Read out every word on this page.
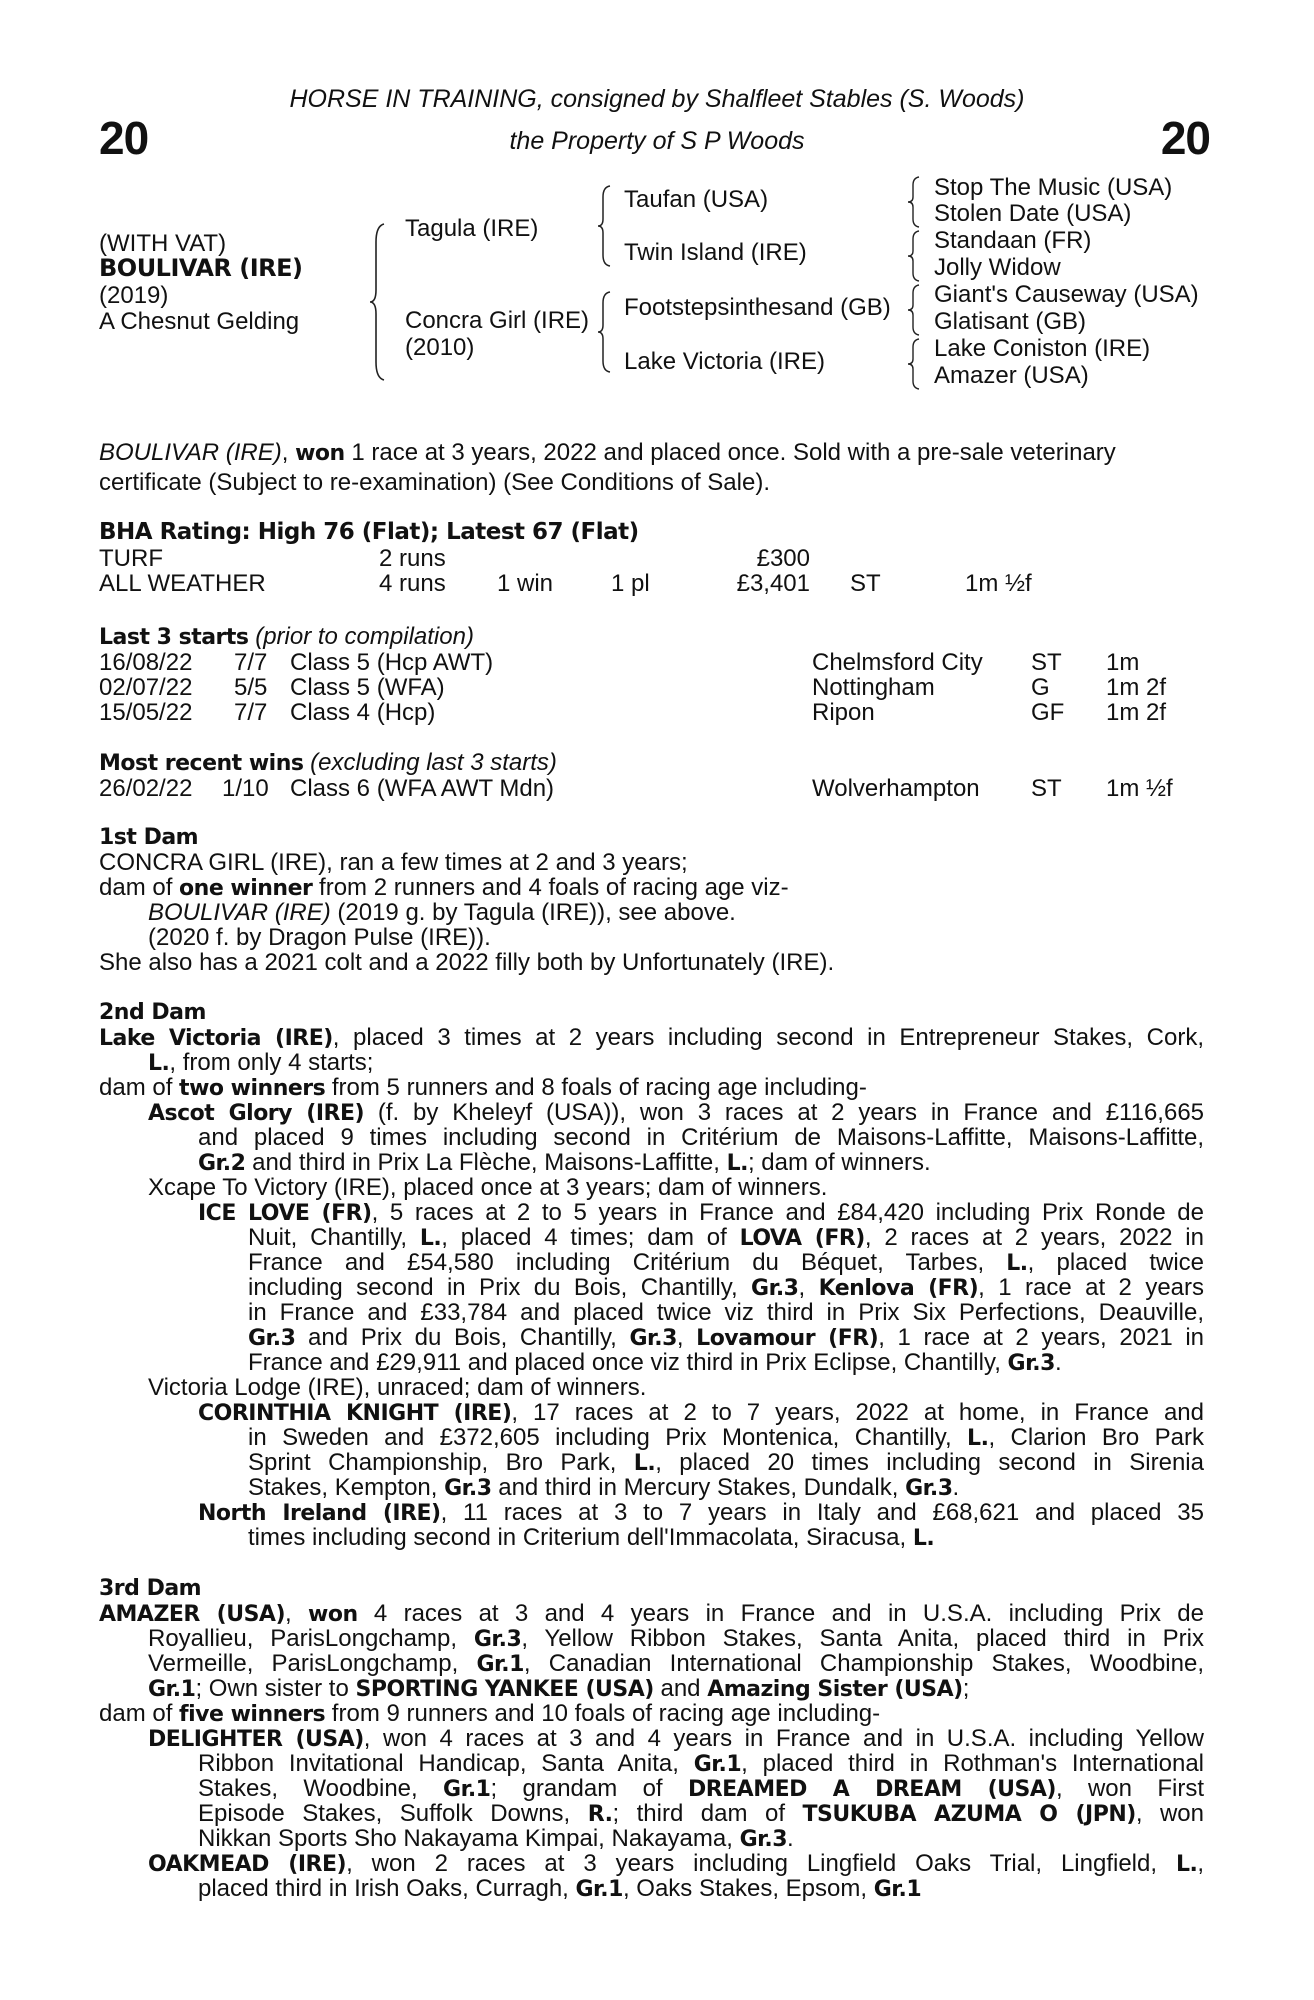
20	20
HORSE IN TRAINING, consigned by Shalfleet Stables (S. Woods)
the Property of S P Woods
(WITH VAT)
BOULIVAR (IRE)
(2019)
A Chesnut Gelding
Tagula (IRE)
Concra Girl (IRE)
(2010)
Taufan (USA)
Twin Island (IRE)
Footstepsinthesand (GB)
Lake Victoria (IRE)
Stop The Music (USA)
Stolen Date (USA)
Standaan (FR)
Jolly Widow
Giant's Causeway (USA)
Glatisant (GB)
Lake Coniston (IRE)
Amazer (USA)
BOULIVAR (IRE), won 1 race at 3 years, 2022 and placed once. Sold with a pre-sale veterinary
certificate (Subject to re-examination) (See Conditions of Sale).
BHA Rating: High 76 (Flat); Latest 67 (Flat)
TURF	2 runs	£300
ALL WEATHER	4 runs 1 win 1 pl	£3,401 ST	1m ½f
Last 3 starts (prior to compilation)
16/08/22 7/7 Class 5 (Hcp AWT)	Chelmsford City ST 1m
02/07/22 5/5 Class 5 (WFA)	Nottingham	G 1m 2f
15/05/22 7/7 Class 4 (Hcp)	Ripon	GF 1m 2f
Most recent wins (excluding last 3 starts)
26/02/22 1/10 Class 6 (WFA AWT Mdn)	Wolverhampton ST 1m ½f
1st Dam
CONCRA GIRL (IRE), ran a few times at 2 and 3 years;
dam of one winner from 2 runners and 4 foals of racing age viz-
BOULIVAR (IRE) (2019 g. by Tagula (IRE)), see above.
(2020 f. by Dragon Pulse (IRE)).
She also has a 2021 colt and a 2022 filly both by Unfortunately (IRE).
2nd Dam
Lake Victoria (IRE), placed 3 times at 2 years including second in Entrepreneur Stakes, Cork,
L., from only 4 starts;
dam of two winners from 5 runners and 8 foals of racing age including-
Ascot Glory (IRE) (f. by Kheleyf (USA)), won 3 races at 2 years in France and £116,665
and placed 9 times including second in Critérium de Maisons-Laffitte, Maisons-Laffitte,
Gr.2 and third in Prix La Flèche, Maisons-Laffitte, L.; dam of winners.
Xcape To Victory (IRE), placed once at 3 years; dam of winners.
ICE LOVE (FR), 5 races at 2 to 5 years in France and £84,420 including Prix Ronde de
Nuit, Chantilly, L., placed 4 times; dam of LOVA (FR), 2 races at 2 years, 2022 in
France and £54,580 including Critérium du Béquet, Tarbes, L., placed twice
including second in Prix du Bois, Chantilly, Gr.3, Kenlova (FR), 1 race at 2 years
in France and £33,784 and placed twice viz third in Prix Six Perfections, Deauville,
Gr.3 and Prix du Bois, Chantilly, Gr.3, Lovamour (FR), 1 race at 2 years, 2021 in
France and £29,911 and placed once viz third in Prix Eclipse, Chantilly, Gr.3.
Victoria Lodge (IRE), unraced; dam of winners.
CORINTHIA KNIGHT (IRE), 17 races at 2 to 7 years, 2022 at home, in France and
in Sweden and £372,605 including Prix Montenica, Chantilly, L., Clarion Bro Park
Sprint Championship, Bro Park, L., placed 20 times including second in Sirenia
Stakes, Kempton, Gr.3 and third in Mercury Stakes, Dundalk, Gr.3.
North Ireland (IRE), 11 races at 3 to 7 years in Italy and £68,621 and placed 35
times including second in Criterium dell'Immacolata, Siracusa, L.
3rd Dam
AMAZER (USA), won 4 races at 3 and 4 years in France and in U.S.A. including Prix de
Royallieu, ParisLongchamp, Gr.3, Yellow Ribbon Stakes, Santa Anita, placed third in Prix
Vermeille, ParisLongchamp, Gr.1, Canadian International Championship Stakes, Woodbine,
Gr.1; Own sister to SPORTING YANKEE (USA) and Amazing Sister (USA);
dam of five winners from 9 runners and 10 foals of racing age including-
DELIGHTER (USA), won 4 races at 3 and 4 years in France and in U.S.A. including Yellow
Ribbon Invitational Handicap, Santa Anita, Gr.1, placed third in Rothman's International
Stakes, Woodbine, Gr.1; grandam of DREAMED A DREAM (USA), won First
Episode Stakes, Suffolk Downs, R.; third dam of TSUKUBA AZUMA O (JPN), won
Nikkan Sports Sho Nakayama Kimpai, Nakayama, Gr.3.
OAKMEAD (IRE), won 2 races at 3 years including Lingfield Oaks Trial, Lingfield, L.,
placed third in Irish Oaks, Curragh, Gr.1, Oaks Stakes, Epsom, Gr.1
